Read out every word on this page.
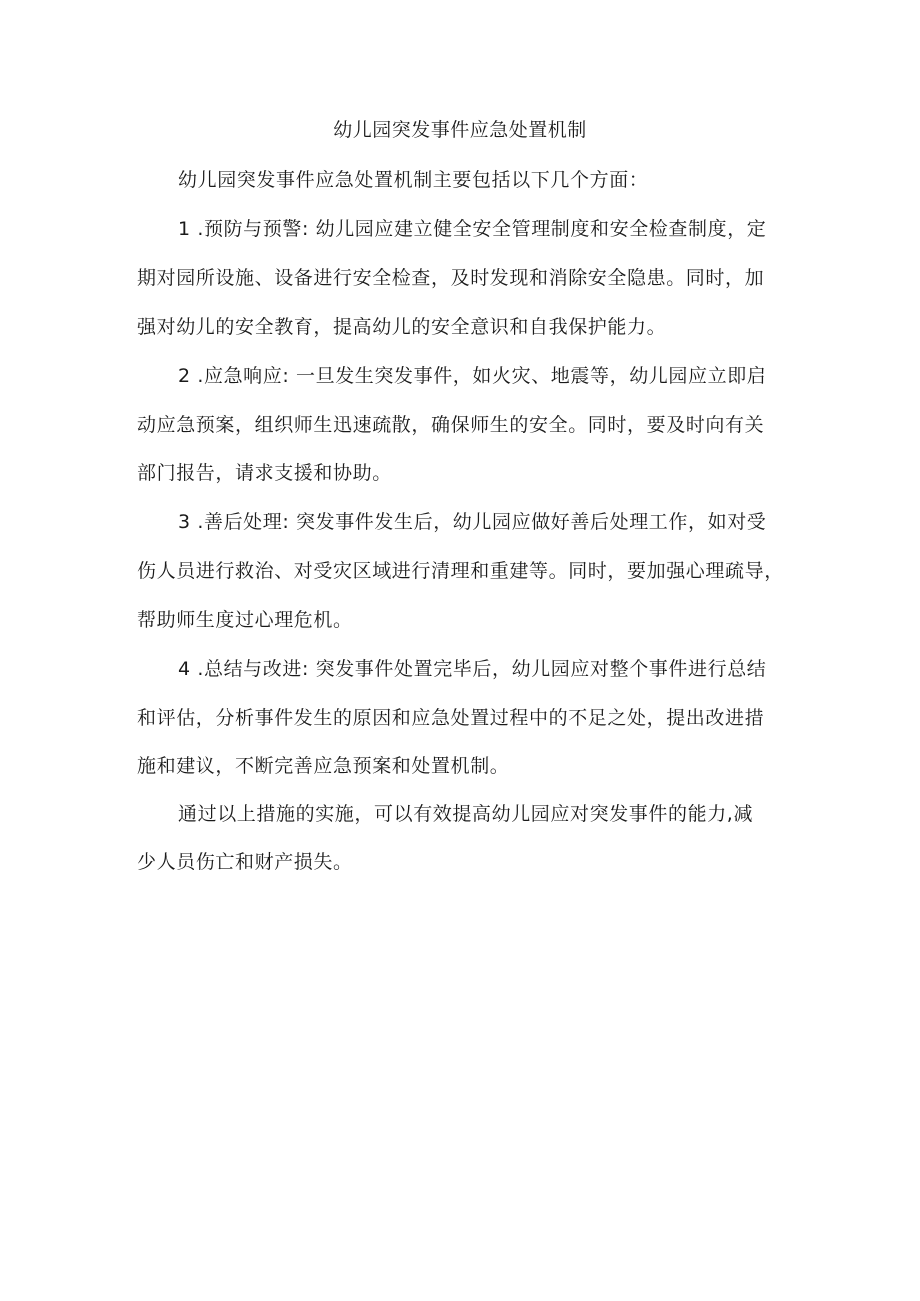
幼儿园突发事件应急处置机制
幼儿园突发事件应急处置机制主要包括以下几个方面：
1 .预防与预警: 幼儿园应建立健全安全管理制度和安全检查制度，定
期对园所设施、设备进行安全检查，及时发现和消除安全隐患。同时，加
强对幼儿的安全教育，提高幼儿的安全意识和自我保护能力。
2 .应急响应: 一旦发生突发事件，如火灾、地震等，幼儿园应立即启
动应急预案，组织师生迅速疏散，确保师生的安全。同时，要及时向有关
部门报告，请求支援和协助。
3 .善后处理: 突发事件发生后，幼儿园应做好善后处理工作，如对受
伤人员进行救治、对受灾区域进行清理和重建等。同时，要加强心理疏导，
帮助师生度过心理危机。
4 .总结与改进: 突发事件处置完毕后，幼儿园应对整个事件进行总结
和评估，分析事件发生的原因和应急处置过程中的不足之处，提出改进措
施和建议，不断完善应急预案和处置机制。
通过以上措施的实施，可以有效提高幼儿园应对突发事件的能力,减
少人员伤亡和财产损失。
